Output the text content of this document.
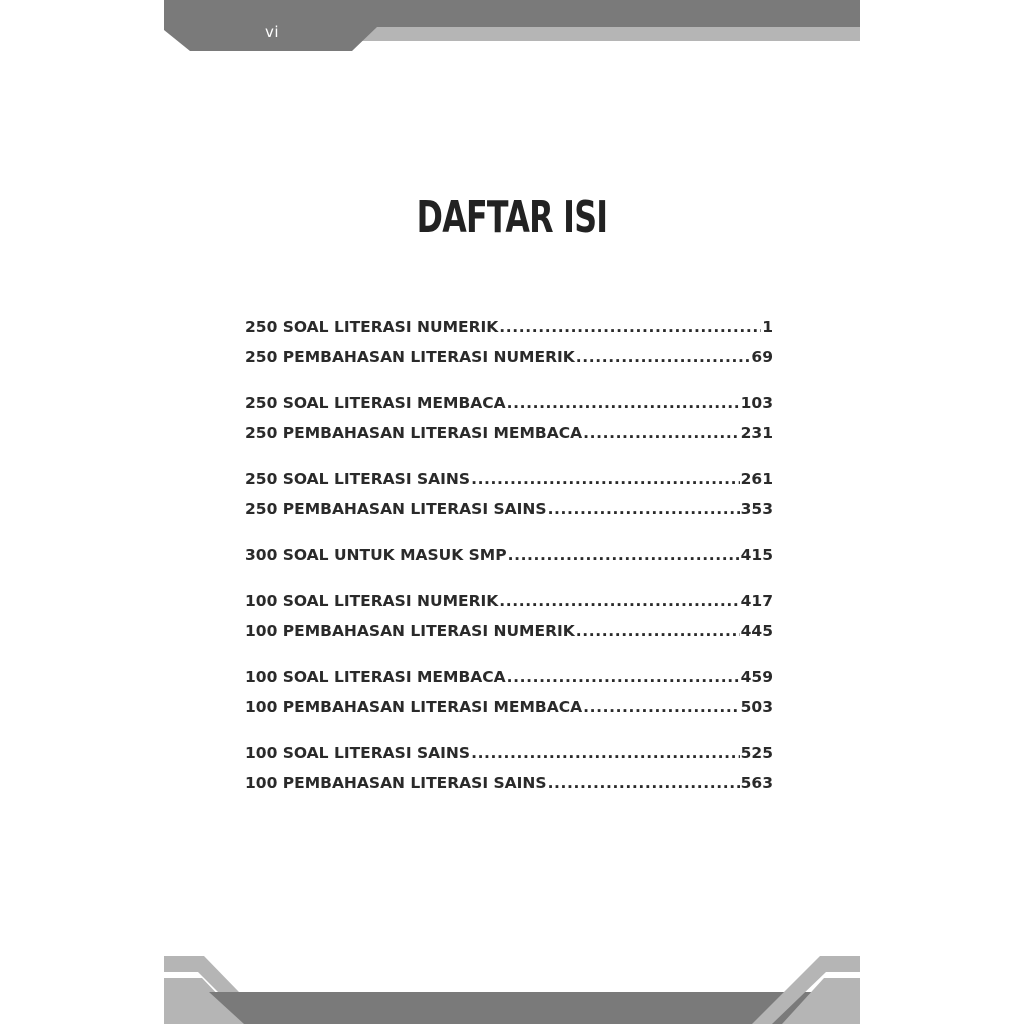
vi
DAFTAR ISI
250 SOAL LITERASI NUMERIK .....	1
250 PEMBAHASAN LITERASI NUMERIK .....	69
250 SOAL LITERASI MEMBACA .....	103
250 PEMBAHASAN LITERASI MEMBACA .....	231
250 SOAL LITERASI SAINS .....	261
250 PEMBAHASAN LITERASI SAINS .....	353
300 SOAL UNTUK MASUK SMP .....	415
100 SOAL LITERASI NUMERIK .....	417
100 PEMBAHASAN LITERASI NUMERIK .....	445
100 SOAL LITERASI MEMBACA .....	459
100 PEMBAHASAN LITERASI MEMBACA .....	503
100 SOAL LITERASI SAINS .....	525
100 PEMBAHASAN LITERASI SAINS .....	563
